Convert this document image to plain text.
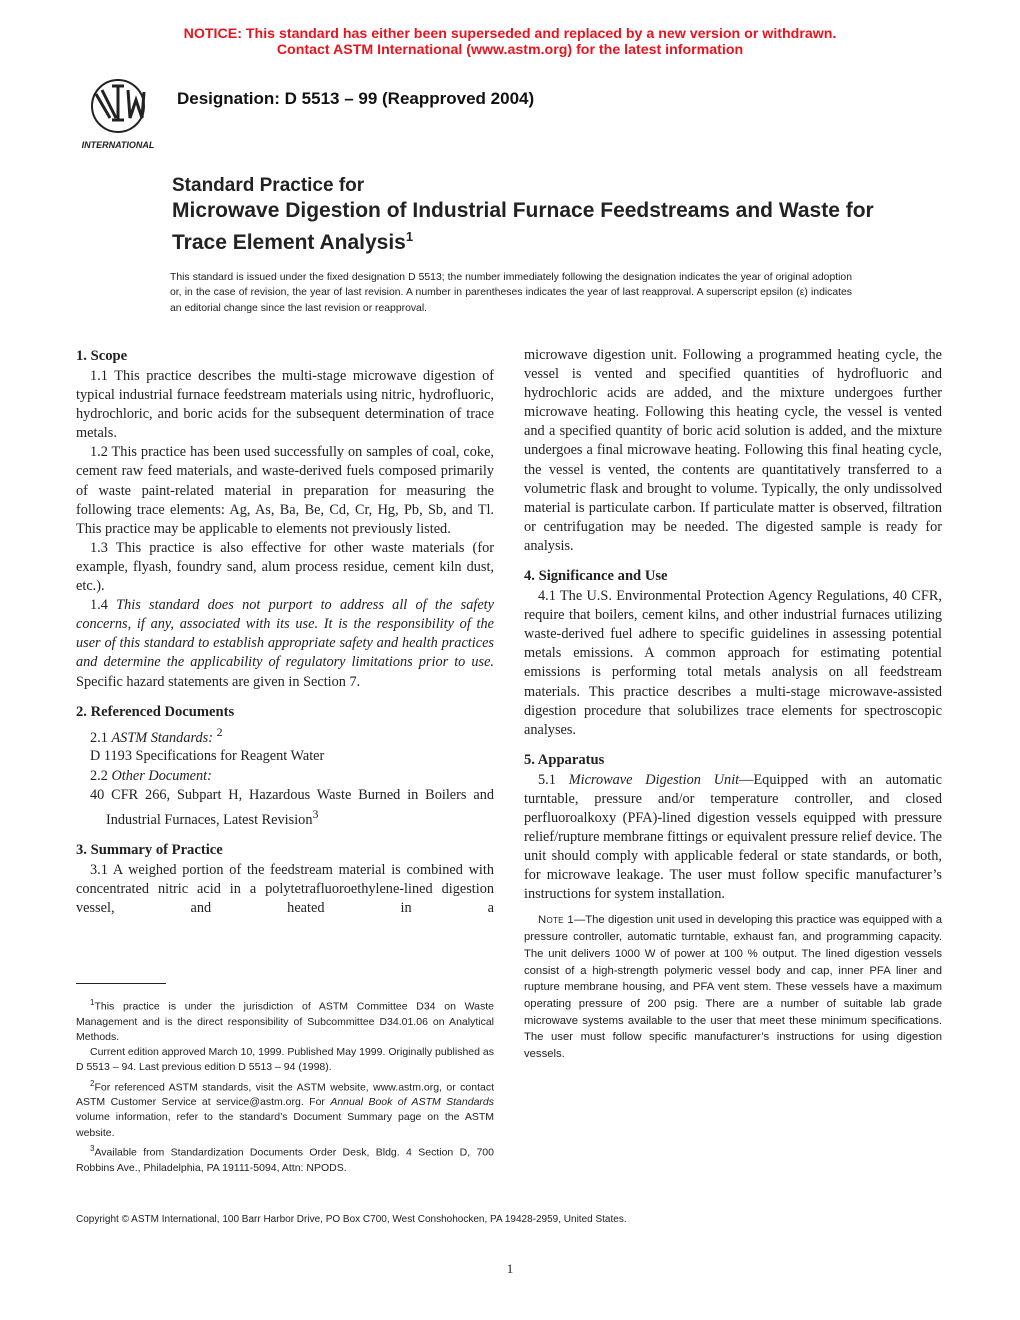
NOTICE: This standard has either been superseded and replaced by a new version or withdrawn.
Contact ASTM International (www.astm.org) for the latest information
INTERNATIONAL
Designation: D 5513 – 99 (Reapproved 2004)
Standard Practice for
Microwave Digestion of Industrial Furnace Feedstreams and Waste for Trace Element Analysis$^1$
This standard is issued under the fixed designation D 5513; the number immediately following the designation indicates the year of original adoption or, in the case of revision, the year of last revision. A number in parentheses indicates the year of last reapproval. A superscript epsilon (ε) indicates an editorial change since the last revision or reapproval.
1. Scope

1.1 This practice describes the multi-stage microwave digestion of typical industrial furnace feedstream materials using nitric, hydrofluoric, hydrochloric, and boric acids for the subsequent determination of trace metals.

1.2 This practice has been used successfully on samples of coal, coke, cement raw feed materials, and waste-derived fuels composed primarily of waste paint-related material in preparation for measuring the following trace elements: Ag, As, Ba, Be, Cd, Cr, Hg, Pb, Sb, and Tl. This practice may be applicable to elements not previously listed.

1.3 This practice is also effective for other waste materials (for example, flyash, foundry sand, alum process residue, cement kiln dust, etc.).

1.4 This standard does not purport to address all of the safety concerns, if any, associated with its use. It is the responsibility of the user of this standard to establish appropriate safety and health practices and determine the applicability of regulatory limitations prior to use. Specific hazard statements are given in Section 7.

2. Referenced Documents

2.1 ASTM Standards: $^2$

D 1193 Specifications for Reagent Water

2.2 Other Document:

40 CFR 266, Subpart H, Hazardous Waste Burned in Boilers and Industrial Furnaces, Latest Revision$^3$

3. Summary of Practice

3.1 A weighed portion of the feedstream material is combined with concentrated nitric acid in a polytetrafluoroethylene-lined digestion vessel, and heated in a

microwave digestion unit. Following a programmed heating cycle, the vessel is vented and specified quantities of hydrofluoric and hydrochloric acids are added, and the mixture undergoes further microwave heating. Following this heating cycle, the vessel is vented and a specified quantity of boric acid solution is added, and the mixture undergoes a final microwave heating. Following this final heating cycle, the vessel is vented, the contents are quantitatively transferred to a volumetric flask and brought to volume. Typically, the only undissolved material is particulate carbon. If particulate matter is observed, filtration or centrifugation may be needed. The digested sample is ready for analysis.

4. Significance and Use

4.1 The U.S. Environmental Protection Agency Regulations, 40 CFR, require that boilers, cement kilns, and other industrial furnaces utilizing waste-derived fuel adhere to specific guidelines in assessing potential metals emissions. A common approach for estimating potential emissions is performing total metals analysis on all feedstream materials. This practice describes a multi-stage microwave-assisted digestion procedure that solubilizes trace elements for spectroscopic analyses.

5. Apparatus

5.1 Microwave Digestion Unit—Equipped with an automatic turntable, pressure and/or temperature controller, and closed perfluoroalkoxy (PFA)-lined digestion vessels equipped with pressure relief/rupture membrane fittings or equivalent pressure relief device. The unit should comply with applicable federal or state standards, or both, for microwave leakage. The user must follow specific manufacturer’s instructions for system installation.

Note 1—The digestion unit used in developing this practice was equipped with a pressure controller, automatic turntable, exhaust fan, and programming capacity. The unit delivers 1000 W of power at 100 % output. The lined digestion vessels consist of a high-strength polymeric vessel body and cap, inner PFA liner and rupture membrane housing, and PFA vent stem. These vessels have a maximum operating pressure of 200 psig. There are a number of suitable lab grade microwave systems available to the user that meet these minimum specifications. The user must follow specific manufacturer’s instructions for using digestion vessels.

$^1$This practice is under the jurisdiction of ASTM Committee D34 on Waste Management and is the direct responsibility of Subcommittee D34.01.06 on Analytical Methods.

Current edition approved March 10, 1999. Published May 1999. Originally published as D 5513 – 94. Last previous edition D 5513 – 94 (1998).

$^2$For referenced ASTM standards, visit the ASTM website, www.astm.org, or contact ASTM Customer Service at service@astm.org. For Annual Book of ASTM Standards volume information, refer to the standard’s Document Summary page on the ASTM website.

$^3$Available from Standardization Documents Order Desk, Bldg. 4 Section D, 700 Robbins Ave., Philadelphia, PA 19111-5094, Attn: NPODS.

Copyright © ASTM International, 100 Barr Harbor Drive, PO Box C700, West Conshohocken, PA 19428-2959, United States.
1
